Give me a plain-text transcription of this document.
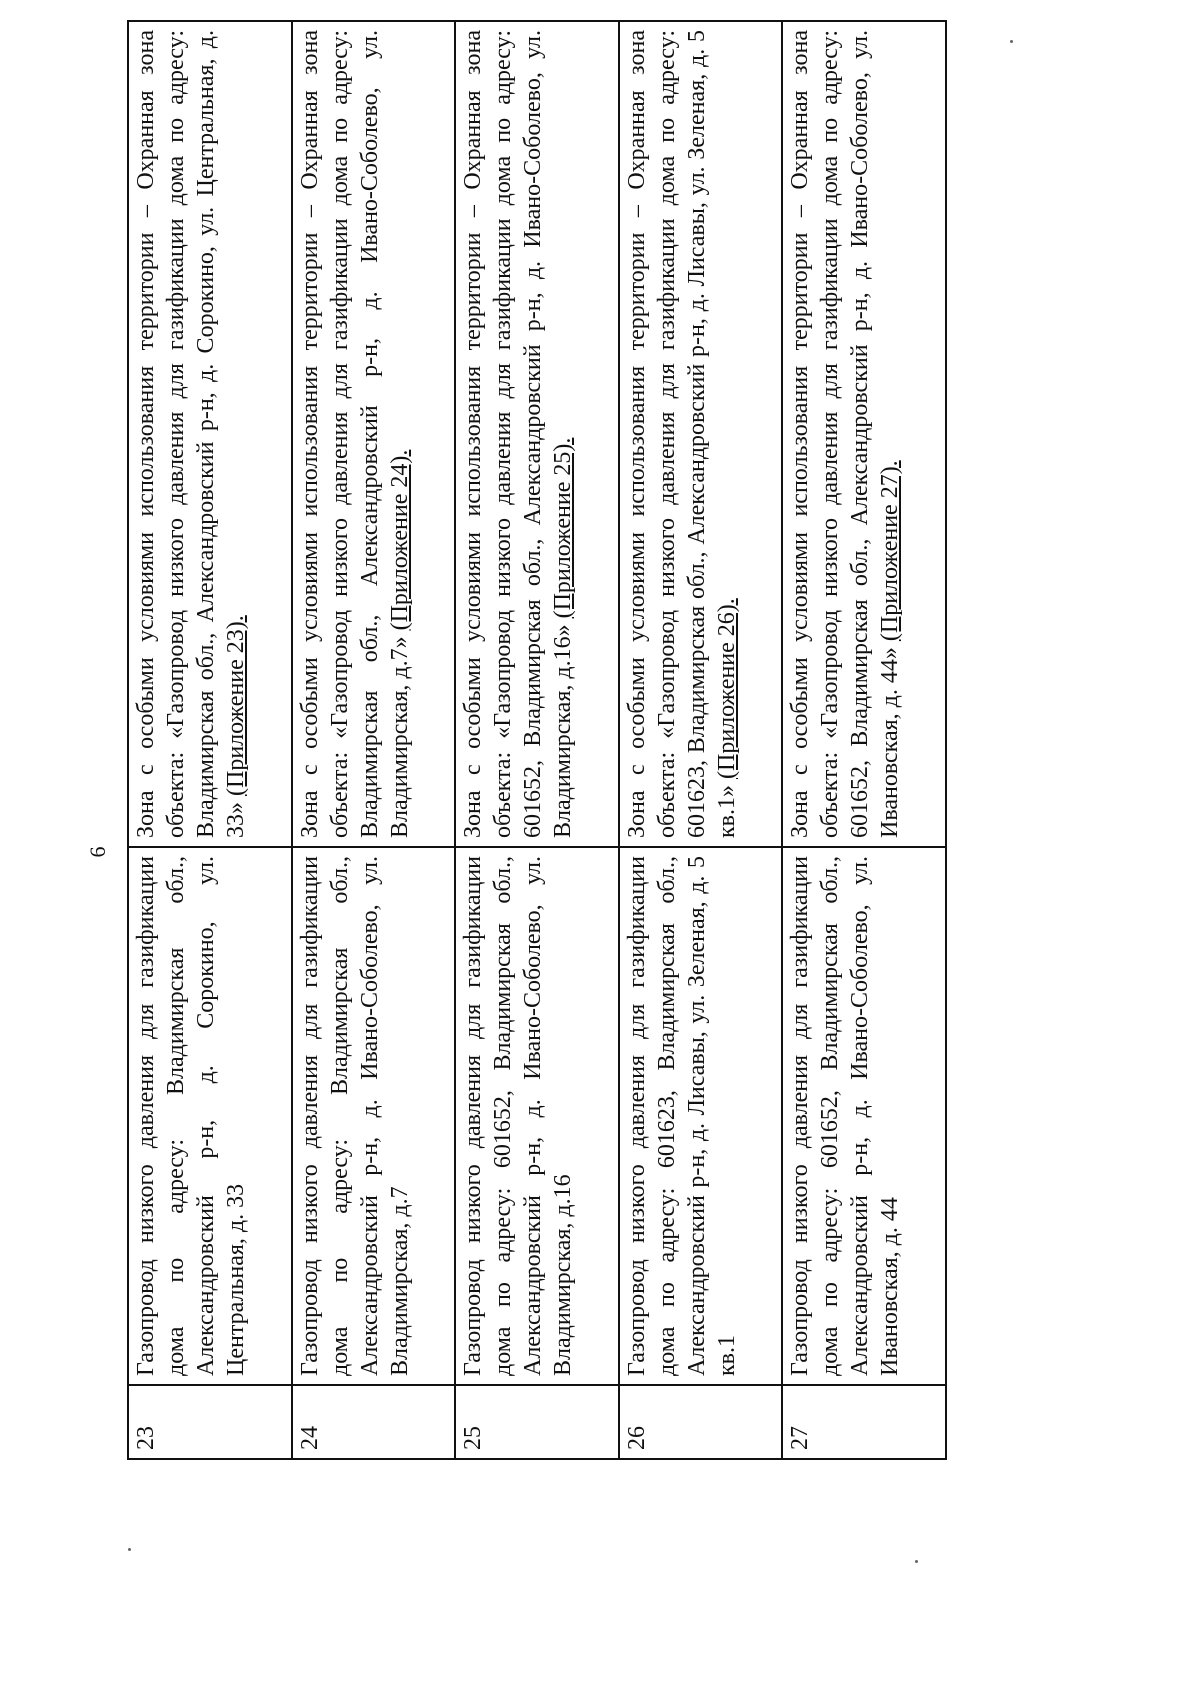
6
23	Газопровод низкого давления для газификации дома по адресу: Владимирская обл., Александровский р-н, д. Сорокино, ул. Центральная, д. 33	Зона с особыми условиями использования территории – Охранная зона объекта: «Газопровод низкого давления для газификации дома по адресу: Владимирская обл., Александровский р-н, д. Сорокино, ул. Центральная, д. 33» (Приложение 23).
24	Газопровод низкого давления для газификации дома по адресу: Владимирская обл., Александровский р-н, д. Ивано-Соболево, ул. Владимирская, д.7	Зона с особыми условиями использования территории – Охранная зона объекта: «Газопровод низкого давления для газификации дома по адресу: Владимирская обл., Александровский р-н, д. Ивано-Соболево, ул. Владимирская, д.7» (Приложение 24).
25	Газопровод низкого давления для газификации дома по адресу: 601652, Владимирская обл., Александровский р-н, д. Ивано-Соболево, ул. Владимирская, д.16	Зона с особыми условиями использования территории – Охранная зона объекта: «Газопровод низкого давления для газификации дома по адресу: 601652, Владимирская обл., Александровский р-н, д. Ивано-Соболево, ул. Владимирская, д.16» (Приложение 25).
26	Газопровод низкого давления для газификации дома по адресу: 601623, Владимирская обл., Александровский р-н, д. Лисавы, ул. Зеленая, д. 5 кв.1	Зона с особыми условиями использования территории – Охранная зона объекта: «Газопровод низкого давления для газификации дома по адресу: 601623, Владимирская обл., Александровский р-н, д. Лисавы, ул. Зеленая, д. 5 кв.1» (Приложение 26).
27	Газопровод низкого давления для газификации дома по адресу: 601652, Владимирская обл., Александровский р-н, д. Ивано-Соболево, ул. Ивановская, д. 44	Зона с особыми условиями использования территории – Охранная зона объекта: «Газопровод низкого давления для газификации дома по адресу: 601652, Владимирская обл., Александровский р-н, д. Ивано-Соболево, ул. Ивановская, д. 44» (Приложение 27).
